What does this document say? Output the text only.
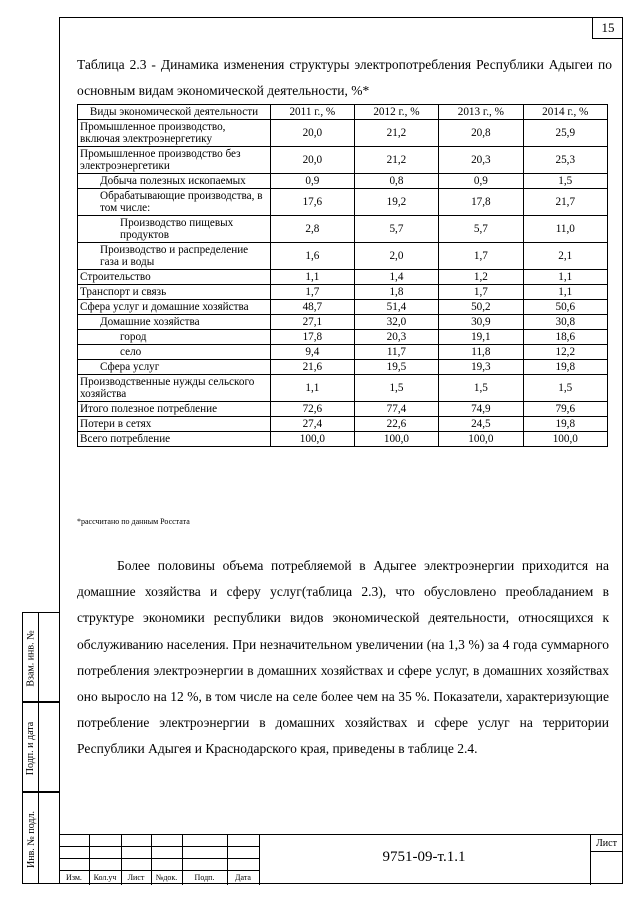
15
Таблица 2.3 - Динамика изменения структуры электропотребления Республики Адыгеи по основным видам экономической деятельности, %*
Виды экономической деятельности	2011 г., %	2012 г., %	2013 г., %	2014 г., %
Промышленное производство, включая электроэнергетику	20,0	21,2	20,8	25,9
Промышленное производство без электроэнергетики	20,0	21,2	20,3	25,3
Добыча полезных ископаемых	0,9	0,8	0,9	1,5
Обрабатывающие производства, в том числе:	17,6	19,2	17,8	21,7
Производство пищевых продуктов	2,8	5,7	5,7	11,0
Производство и распределение газа и воды	1,6	2,0	1,7	2,1
Строительство	1,1	1,4	1,2	1,1
Транспорт и связь	1,7	1,8	1,7	1,1
Сфера услуг и домашние хозяйства	48,7	51,4	50,2	50,6
Домашние хозяйства	27,1	32,0	30,9	30,8
город	17,8	20,3	19,1	18,6
село	9,4	11,7	11,8	12,2
Сфера услуг	21,6	19,5	19,3	19,8
Производственные нужды сельского хозяйства	1,1	1,5	1,5	1,5
Итого полезное потребление	72,6	77,4	74,9	79,6
Потери в сетях	27,4	22,6	24,5	19,8
Всего потребление	100,0	100,0	100,0	100,0
*рассчитано по данным Росстата

Более половины объема потребляемой в Адыгее электроэнергии приходится на домашние хозяйства и сферу услуг(таблица 2.3), что обусловлено преобладанием в структуре экономики республики видов экономической деятельности, относящихся к обслуживанию населения. При незначительном увеличении (на 1,3 %) за 4 года суммарного потребления электроэнергии в домашних хозяйствах и сфере услуг, в домашних хозяйствах оно выросло на 12 %, в том числе на селе более чем на 35 %. Показатели, характеризующие потребление электроэнергии в домашних хозяйствах и сфере услуг на территории Республики Адыгея и Краснодарского края, приведены в таблице 2.4.

Взам. инв. №
Подп. и дата
Инв. № подл.
Изм.	Кол.уч	Лист	№док.	Подп.	Дата
9751-09-т.1.1
Лист
